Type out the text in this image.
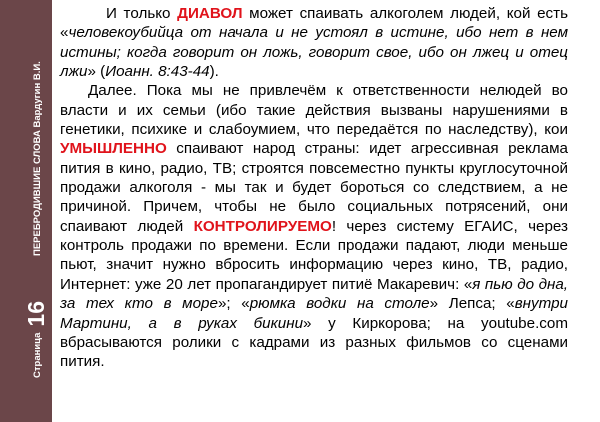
Страница
16
ПЕРЕБРОДИВШИЕ СЛОВА Вардугин В.И.

И только ДИАВОЛ может спаивать алкоголем людей, кой есть «человекоубийца от начала и не устоял в истине, ибо нет в нем истины; когда говорит он ложь, говорит свое, ибо он лжец и отец лжи» (Иоанн. 8:43-44).

Далее. Пока мы не привлечём к ответственности нелюдей во власти и их семьи (ибо такие действия вызваны нарушениями в генетики, психике и слабоумием, что передаётся по наследству), кои УМЫШЛЕННО спаивают народ страны: идет агрессивная реклама пития в кино, радио, ТВ; строятся повсеместно пункты круглосуточной продажи алкоголя - мы так и будет бороться со следствием, а не причиной. Причем, чтобы не было социальных потрясений, они спаивают людей КОНТРОЛИРУЕМО! через систему ЕГАИС, через контроль продажи по времени. Если продажи падают, люди меньше пьют, значит нужно вбросить информацию через кино, ТВ, радио, Интернет: уже 20 лет пропагандирует питиё Макаревич: «я пью до дна, за тех кто в море»; «рюмка водки на столе» Лепса; «внутри Мартини, а в руках бикини» у Киркорова; на youtube.com вбрасываются ролики с кадрами из разных фильмов со сценами пития.
